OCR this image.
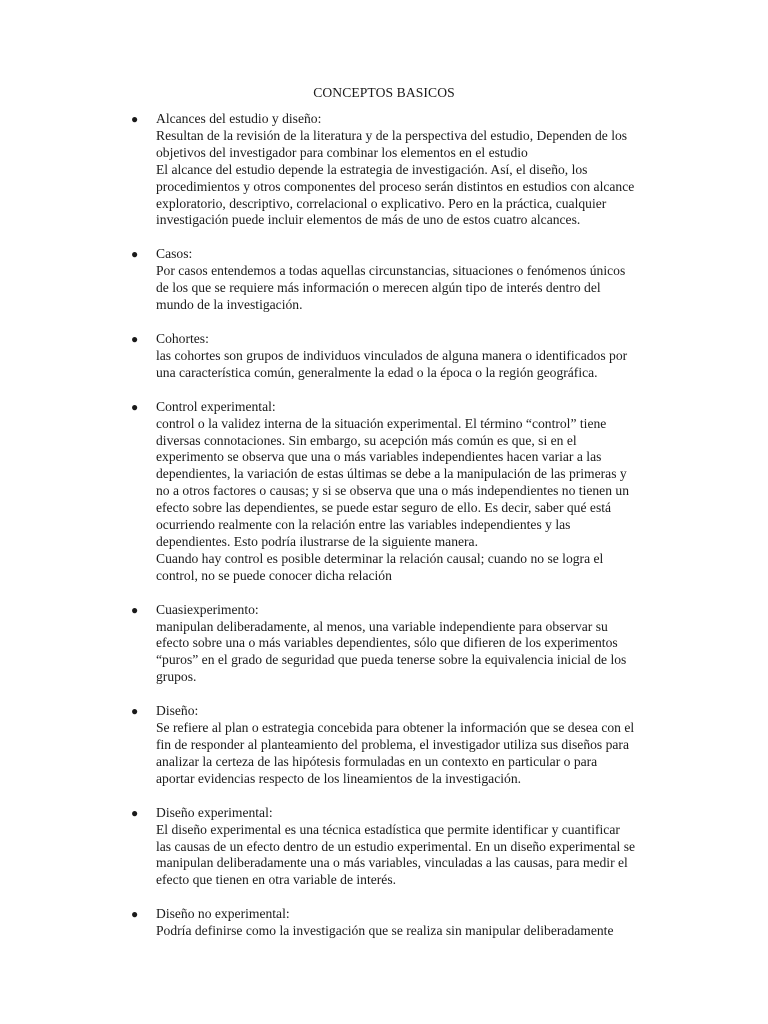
CONCEPTOS BASICOS
● Alcances del estudio y diseño:
Resultan de la revisión de la literatura y de la perspectiva del estudio, Dependen de los
objetivos del investigador para combinar los elementos en el estudio
El alcance del estudio depende la estrategia de investigación. Así, el diseño, los
procedimientos y otros componentes del proceso serán distintos en estudios con alcance
exploratorio, descriptivo, correlacional o explicativo. Pero en la práctica, cualquier
investigación puede incluir elementos de más de uno de estos cuatro alcances.
● Casos:
Por casos entendemos a todas aquellas circunstancias, situaciones o fenómenos únicos
de los que se requiere más información o merecen algún tipo de interés dentro del
mundo de la investigación.
● Cohortes:
las cohortes son grupos de individuos vinculados de alguna manera o identificados por
una característica común, generalmente la edad o la época o la región geográfica.
● Control experimental:
control o la validez interna de la situación experimental. El término “control” tiene
diversas connotaciones. Sin embargo, su acepción más común es que, si en el
experimento se observa que una o más variables independientes hacen variar a las
dependientes, la variación de estas últimas se debe a la manipulación de las primeras y
no a otros factores o causas; y si se observa que una o más independientes no tienen un
efecto sobre las dependientes, se puede estar seguro de ello. Es decir, saber qué está
ocurriendo realmente con la relación entre las variables independientes y las
dependientes. Esto podría ilustrarse de la siguiente manera.
Cuando hay control es posible determinar la relación causal; cuando no se logra el
control, no se puede conocer dicha relación
● Cuasiexperimento:
manipulan deliberadamente, al menos, una variable independiente para observar su
efecto sobre una o más variables dependientes, sólo que difieren de los experimentos
“puros” en el grado de seguridad que pueda tenerse sobre la equivalencia inicial de los
grupos.
● Diseño:
Se refiere al plan o estrategia concebida para obtener la información que se desea con el
fin de responder al planteamiento del problema, el investigador utiliza sus diseños para
analizar la certeza de las hipótesis formuladas en un contexto en particular o para
aportar evidencias respecto de los lineamientos de la investigación.
● Diseño experimental:
El diseño experimental es una técnica estadística que permite identificar y cuantificar
las causas de un efecto dentro de un estudio experimental. En un diseño experimental se
manipulan deliberadamente una o más variables, vinculadas a las causas, para medir el
efecto que tienen en otra variable de interés.
● Diseño no experimental:
Podría definirse como la investigación que se realiza sin manipular deliberadamente
